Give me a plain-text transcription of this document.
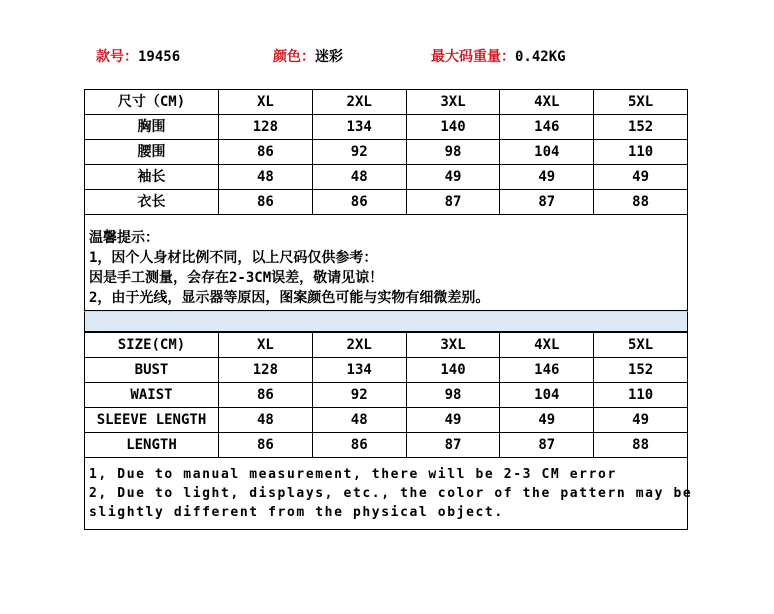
款号：19456	颜色：迷彩	最大码重量：0.42KG
尺寸（CM)	XL	2XL	3XL	4XL	5XL
胸围	128	134	140	146	152
腰围	86	92	98	104	110
袖长	48	48	49	49	49
衣长	86	86	87	87	88
温馨提示：
1，因个人身材比例不同，以上尺码仅供参考：
因是手工测量，会存在2-3CM误差，敬请见谅！
2，由于光线，显示器等原因，图案颜色可能与实物有细微差别。
SIZE(CM)	XL	2XL	3XL	4XL	5XL
BUST	128	134	140	146	152
WAIST	86	92	98	104	110
SLEEVE LENGTH	48	48	49	49	49
LENGTH	86	86	87	87	88
1, Due to manual measurement, there will be 2-3 CM error
2, Due to light, displays, etc., the color of the pattern may be
slightly different from the physical object.
